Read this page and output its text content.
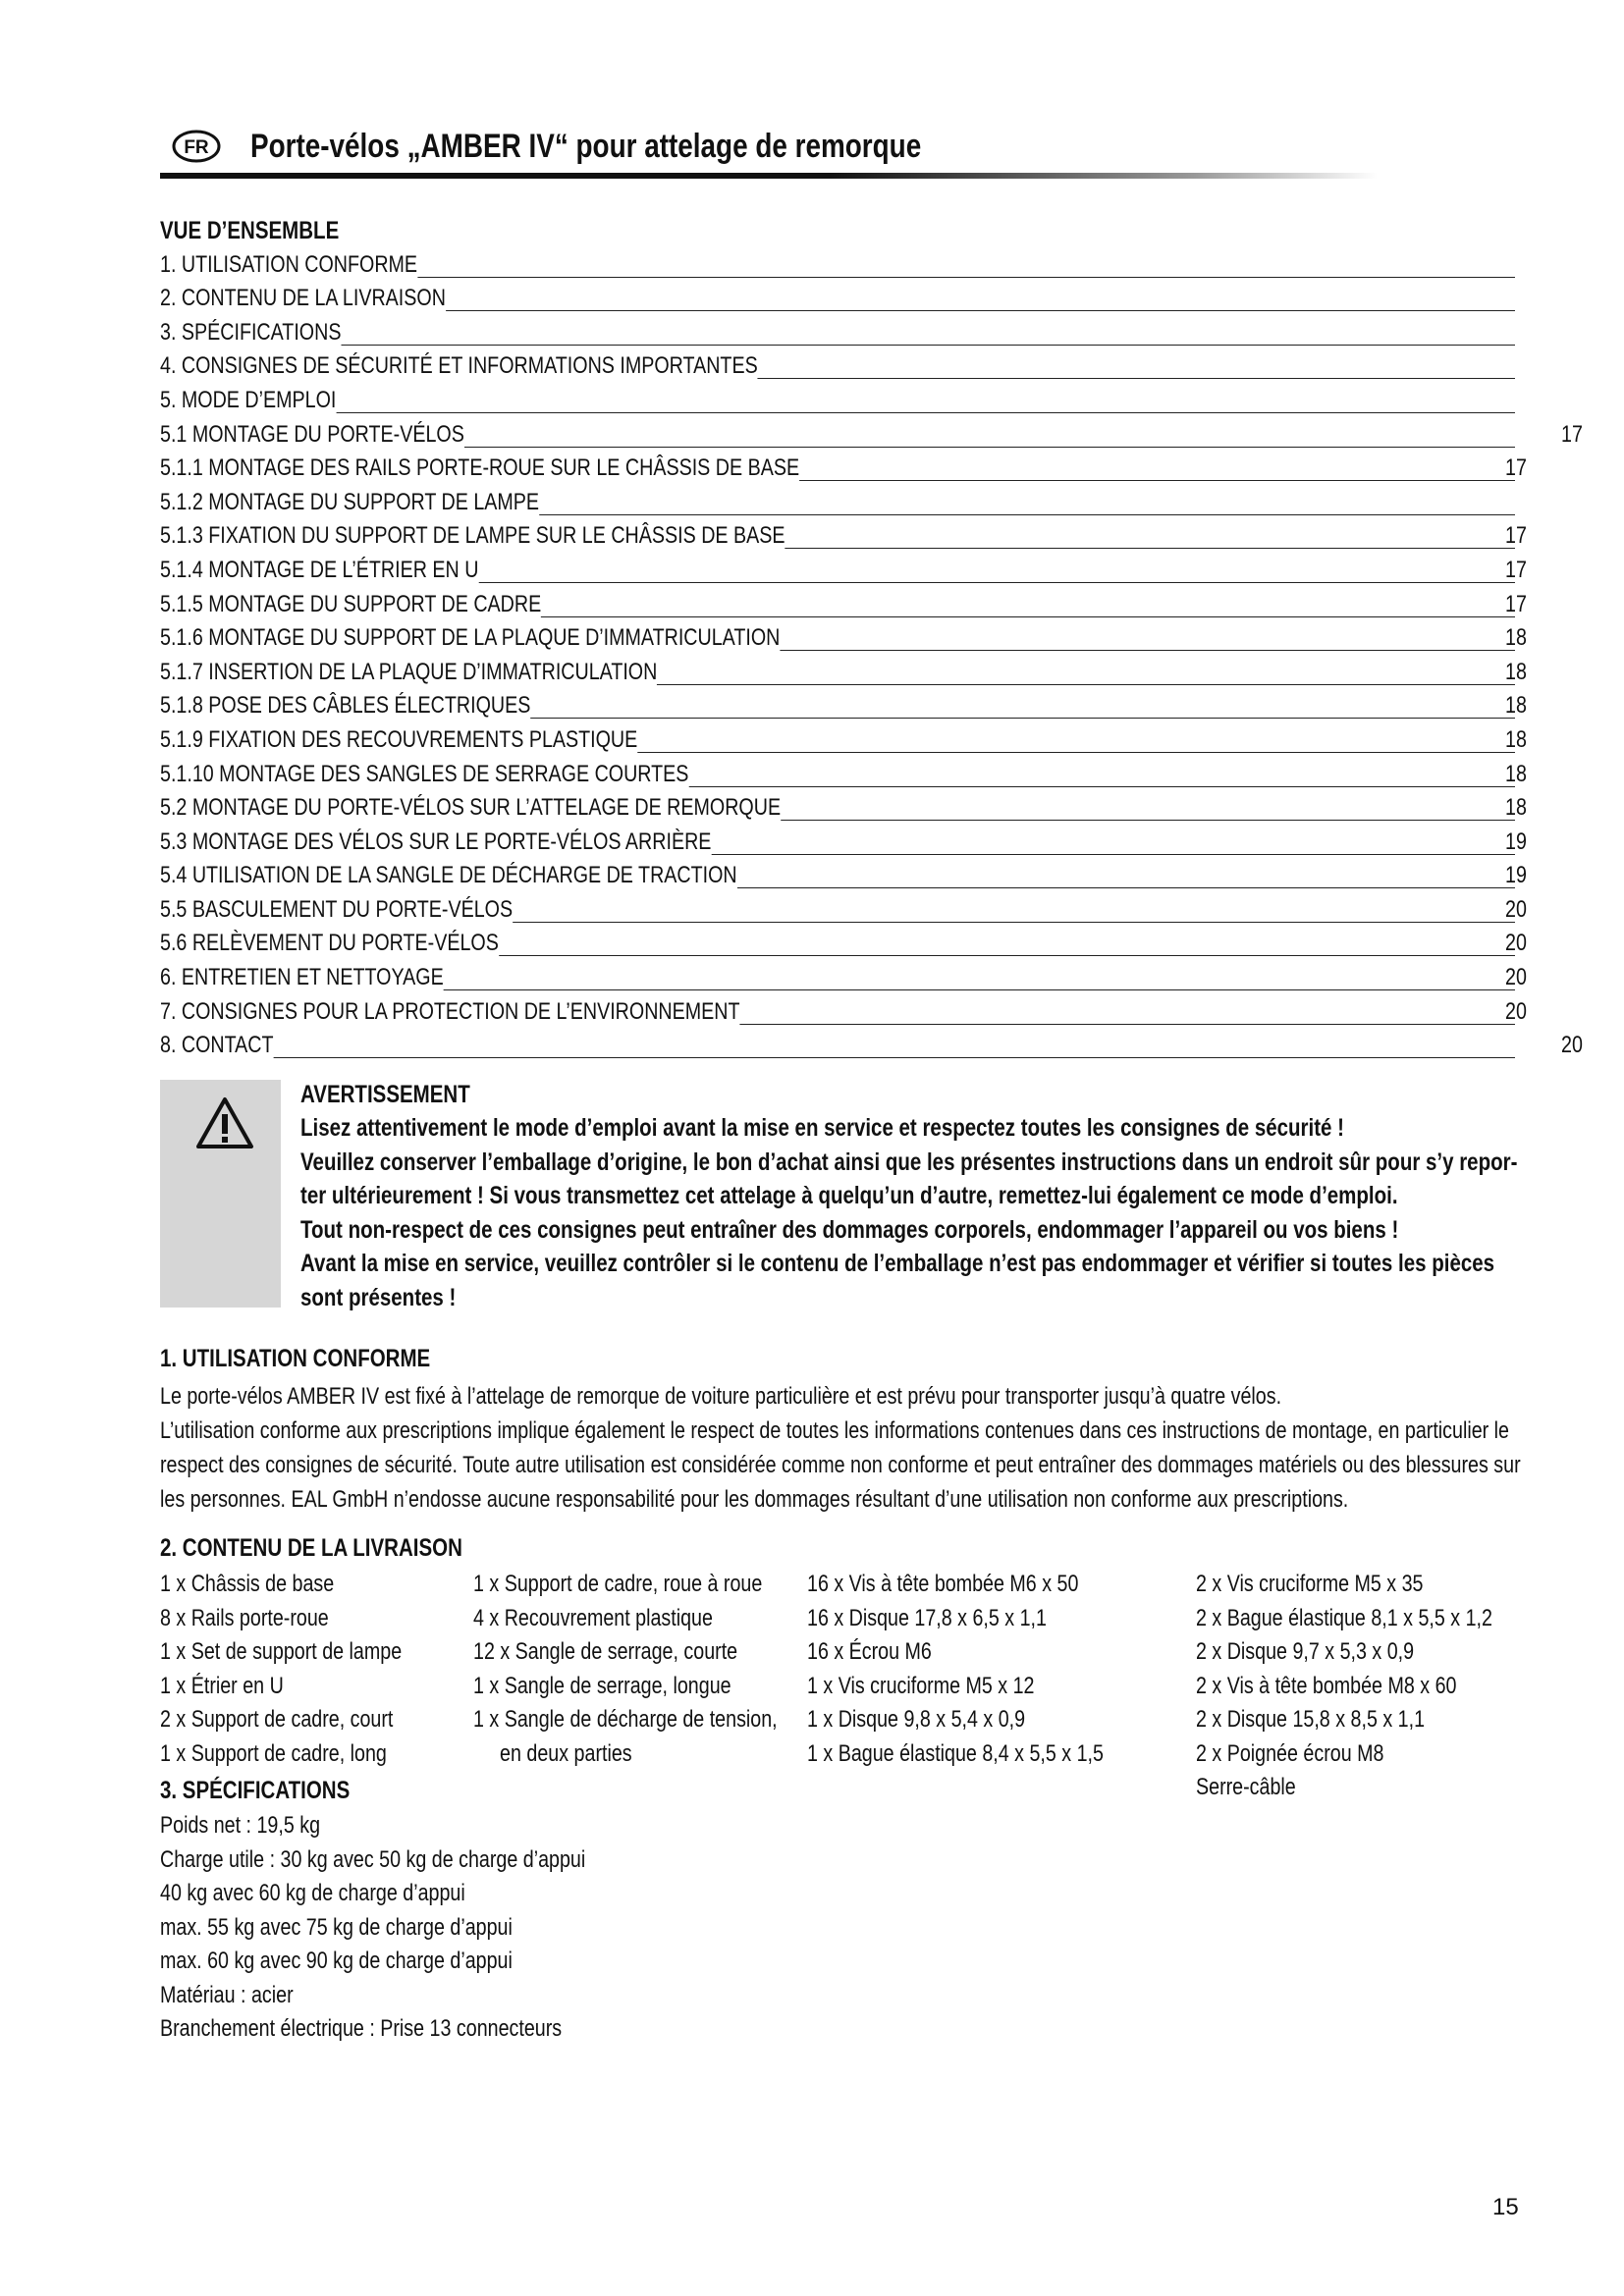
FR Porte-vélos „AMBER IV“ pour attelage de remorque
VUE D’ENSEMBLE
1. UTILISATION CONFORME
2. CONTENU DE LA LIVRAISON
3. SPÉCIFICATIONS
4. CONSIGNES DE SÉCURITÉ ET INFORMATIONS IMPORTANTES
5. MODE D’EMPLOI
5.1 MONTAGE DU PORTE-VÉLOS	17
5.1.1 MONTAGE DES RAILS PORTE-ROUE SUR LE CHÂSSIS DE BASE	17
5.1.2 MONTAGE DU SUPPORT DE LAMPE
5.1.3 FIXATION DU SUPPORT DE LAMPE SUR LE CHÂSSIS DE BASE	17
5.1.4 MONTAGE DE L’ÉTRIER EN U	17
5.1.5 MONTAGE DU SUPPORT DE CADRE	17
5.1.6 MONTAGE DU SUPPORT DE LA PLAQUE D’IMMATRICULATION	18
5.1.7 INSERTION DE LA PLAQUE D’IMMATRICULATION	18
5.1.8 POSE DES CÂBLES ÉLECTRIQUES	18
5.1.9 FIXATION DES RECOUVREMENTS PLASTIQUE	18
5.1.10 MONTAGE DES SANGLES DE SERRAGE COURTES	18
5.2 MONTAGE DU PORTE-VÉLOS SUR L’ATTELAGE DE REMORQUE	18
5.3 MONTAGE DES VÉLOS SUR LE PORTE-VÉLOS ARRIÈRE	19
5.4 UTILISATION DE LA SANGLE DE DÉCHARGE DE TRACTION	19
5.5 BASCULEMENT DU PORTE-VÉLOS	20
5.6 RELÈVEMENT DU PORTE-VÉLOS	20
6. ENTRETIEN ET NETTOYAGE	20
7. CONSIGNES POUR LA PROTECTION DE L’ENVIRONNEMENT	20
8. CONTACT	20
AVERTISSEMENT
Lisez attentivement le mode d’emploi avant la mise en service et respectez toutes les consignes de sécurité !
Veuillez conserver l’emballage d’origine, le bon d’achat ainsi que les présentes instructions dans un endroit sûr pour s’y repor-
ter ultérieurement ! Si vous transmettez cet attelage à quelqu’un d’autre, remettez-lui également ce mode d’emploi.
Tout non-respect de ces consignes peut entraîner des dommages corporels, endommager l’appareil ou vos biens !
Avant la mise en service, veuillez contrôler si le contenu de l’emballage n’est pas endommager et vérifier si toutes les pièces
sont présentes !
1. UTILISATION CONFORME
Le porte-vélos AMBER IV est fixé à l’attelage de remorque de voiture particulière et est prévu pour transporter jusqu’à quatre vélos.
L’utilisation conforme aux prescriptions implique également le respect de toutes les informations contenues dans ces instructions de montage, en particulier le
respect des consignes de sécurité. Toute autre utilisation est considérée comme non conforme et peut entraîner des dommages matériels ou des blessures sur
les personnes. EAL GmbH n’endosse aucune responsabilité pour les dommages résultant d’une utilisation non conforme aux prescriptions.
2. CONTENU DE LA LIVRAISON
1 x Châssis de base
8 x Rails porte-roue
1 x Set de support de lampe
1 x Étrier en U
2 x Support de cadre, court
1 x Support de cadre, long
1 x Support de cadre, roue à roue
4 x Recouvrement plastique
12 x Sangle de serrage, courte
1 x Sangle de serrage, longue
1 x Sangle de décharge de tension,
en deux parties
16 x Vis à tête bombée M6 x 50
16 x Disque 17,8 x 6,5 x 1,1
16 x Écrou M6
1 x Vis cruciforme M5 x 12
1 x Disque 9,8 x 5,4 x 0,9
1 x Bague élastique 8,4 x 5,5 x 1,5
2 x Vis cruciforme M5 x 35
2 x Bague élastique 8,1 x 5,5 x 1,2
2 x Disque 9,7 x 5,3 x 0,9
2 x Vis à tête bombée M8 x 60
2 x Disque 15,8 x 8,5 x 1,1
2 x Poignée écrou M8
Serre-câble
3. SPÉCIFICATIONS
Poids net : 19,5 kg
Charge utile : 30 kg avec 50 kg de charge d’appui
40 kg avec 60 kg de charge d’appui
max. 55 kg avec 75 kg de charge d’appui
max. 60 kg avec 90 kg de charge d’appui
Matériau : acier
Branchement électrique : Prise 13 connecteurs
15
